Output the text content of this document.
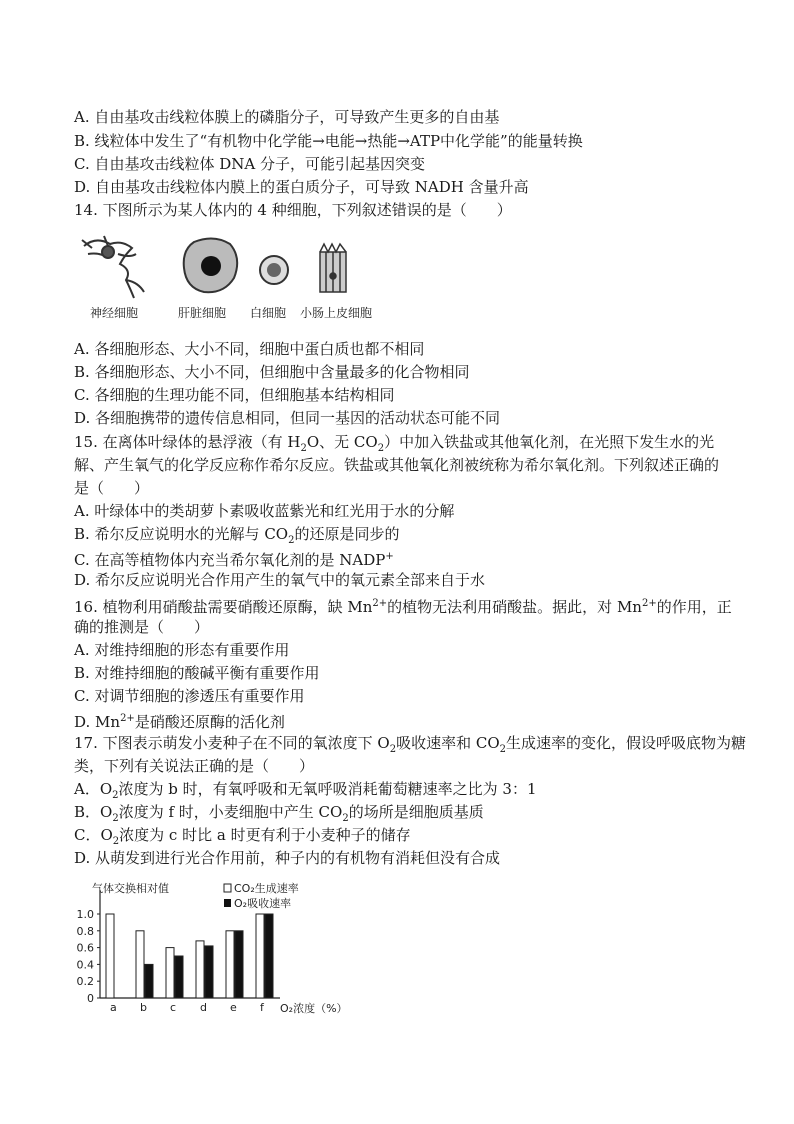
A. 自由基攻击线粒体膜上的磷脂分子，可导致产生更多的自由基
B. 线粒体中发生了“有机物中化学能→电能→热能→ATP中化学能”的能量转换
C. 自由基攻击线粒体 DNA 分子，可能引起基因突变
D. 自由基攻击线粒体内膜上的蛋白质分子，可导致 NADH 含量升高
14. 下图所示为某人体内的 4 种细胞，下列叙述错误的是（　　）
神经细胞	肝脏细胞 白细胞 小肠上皮细胞
A. 各细胞形态、大小不同，细胞中蛋白质也都不相同
B. 各细胞形态、大小不同，但细胞中含量最多的化合物相同
C. 各细胞的生理功能不同，但细胞基本结构相同
D. 各细胞携带的遗传信息相同，但同一基因的活动状态可能不同
15. 在离体叶绿体的悬浮液（有 $H_2O$、无 $CO_2$）中加入铁盐或其他氧化剂，在光照下发生水的光
解、产生氧气的化学反应称作希尔反应。铁盐或其他氧化剂被统称为希尔氧化剂。下列叙述正确的
是（　　）
A. 叶绿体中的类胡萝卜素吸收蓝紫光和红光用于水的分解
B. 希尔反应说明水的光解与 $CO_2$的还原是同步的
C. 在高等植物体内充当希尔氧化剂的是 NADP+
D. 希尔反应说明光合作用产生的氧气中的氧元素全部来自于水
16. 植物利用硝酸盐需要硝酸还原酶，缺 $Mn^{2+}$的植物无法利用硝酸盐。据此，对 $Mn^{2+}$的作用，正
确的推测是（　　）
A. 对维持细胞的形态有重要作用
B. 对维持细胞的酸碱平衡有重要作用
C. 对调节细胞的渗透压有重要作用
D. $Mn^{2+}$是硝酸还原酶的活化剂
17. 下图表示萌发小麦种子在不同的氧浓度下 $O_2$吸收速率和 $CO_2$生成速率的变化，假设呼吸底物为糖
类，下列有关说法正确的是（　　）
A．$O_2$浓度为 b 时，有氧呼吸和无氧呼吸消耗葡萄糖速率之比为 3：1
B．$O_2$浓度为 f 时，小麦细胞中产生 $CO_2$的场所是细胞质基质
C．$O_2$浓度为 c 时比 a 时更有利于小麦种子的储存
D. 从萌发到进行光合作用前，种子内的有机物有消耗但没有合成
气体交换相对值
O₂浓度（%）
CO₂生成速率
O₂吸收速率
0
0.2
0.4
0.6
0.8
1.0
a b c d e f
